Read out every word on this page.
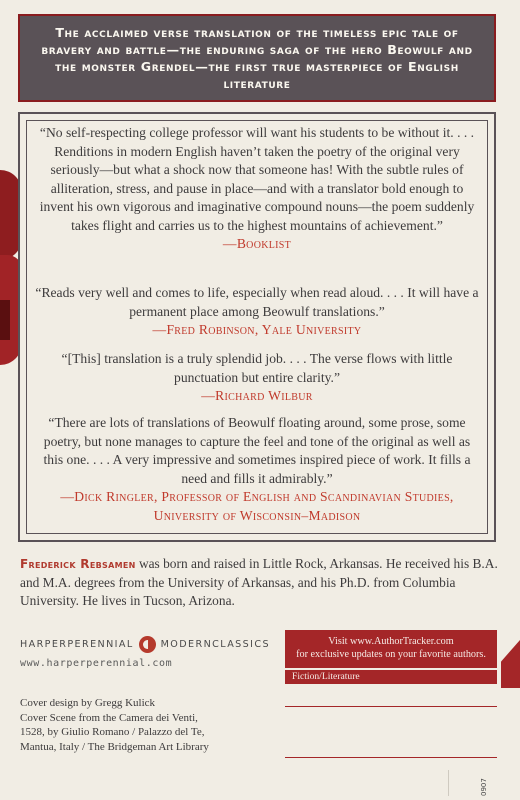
The acclaimed verse translation of the timeless epic tale of bravery and battle—the enduring saga of the hero Beowulf and the monster Grendel—the first true masterpiece of English literature
“No self-respecting college professor will want his students to be without it. . . . Renditions in modern English haven’t taken the poetry of the original very seriously—but what a shock now that someone has! With the subtle rules of alliteration, stress, and pause in place—and with a translator bold enough to invent his own vigorous and imaginative compound nouns—the poem suddenly takes flight and carries us to the highest mountains of achievement.”
—Booklist
“Reads very well and comes to life, especially when read aloud. . . . It will have a permanent place among Beowulf translations.”
—Fred Robinson, Yale University
“[This] translation is a truly splendid job. . . . The verse flows with little punctuation but entire clarity.”
—Richard Wilbur
“There are lots of translations of Beowulf floating around, some prose, some poetry, but none manages to capture the feel and tone of the original as well as this one. . . . A very impressive and sometimes inspired piece of work. It fills a need and fills it admirably.”
—Dick Ringler, Professor of English and Scandinavian Studies, University of Wisconsin–Madison
Frederick Rebsamen was born and raised in Little Rock, Arkansas. He received his B.A. and M.A. degrees from the University of Arkansas, and his Ph.D. from Columbia University. He lives in Tucson, Arizona.
HARPERPERENNIAL	MODERNCLASSICS
www.harperperennial.com
Visit www.AuthorTracker.com
for exclusive updates on your favorite authors.
Fiction/Literature
Cover design by Gregg Kulick
Cover Scene from the Camera dei Venti,
1528, by Giulio Romano / Palazzo del Te,
Mantua, Italy / The Bridgeman Art Library
0907
